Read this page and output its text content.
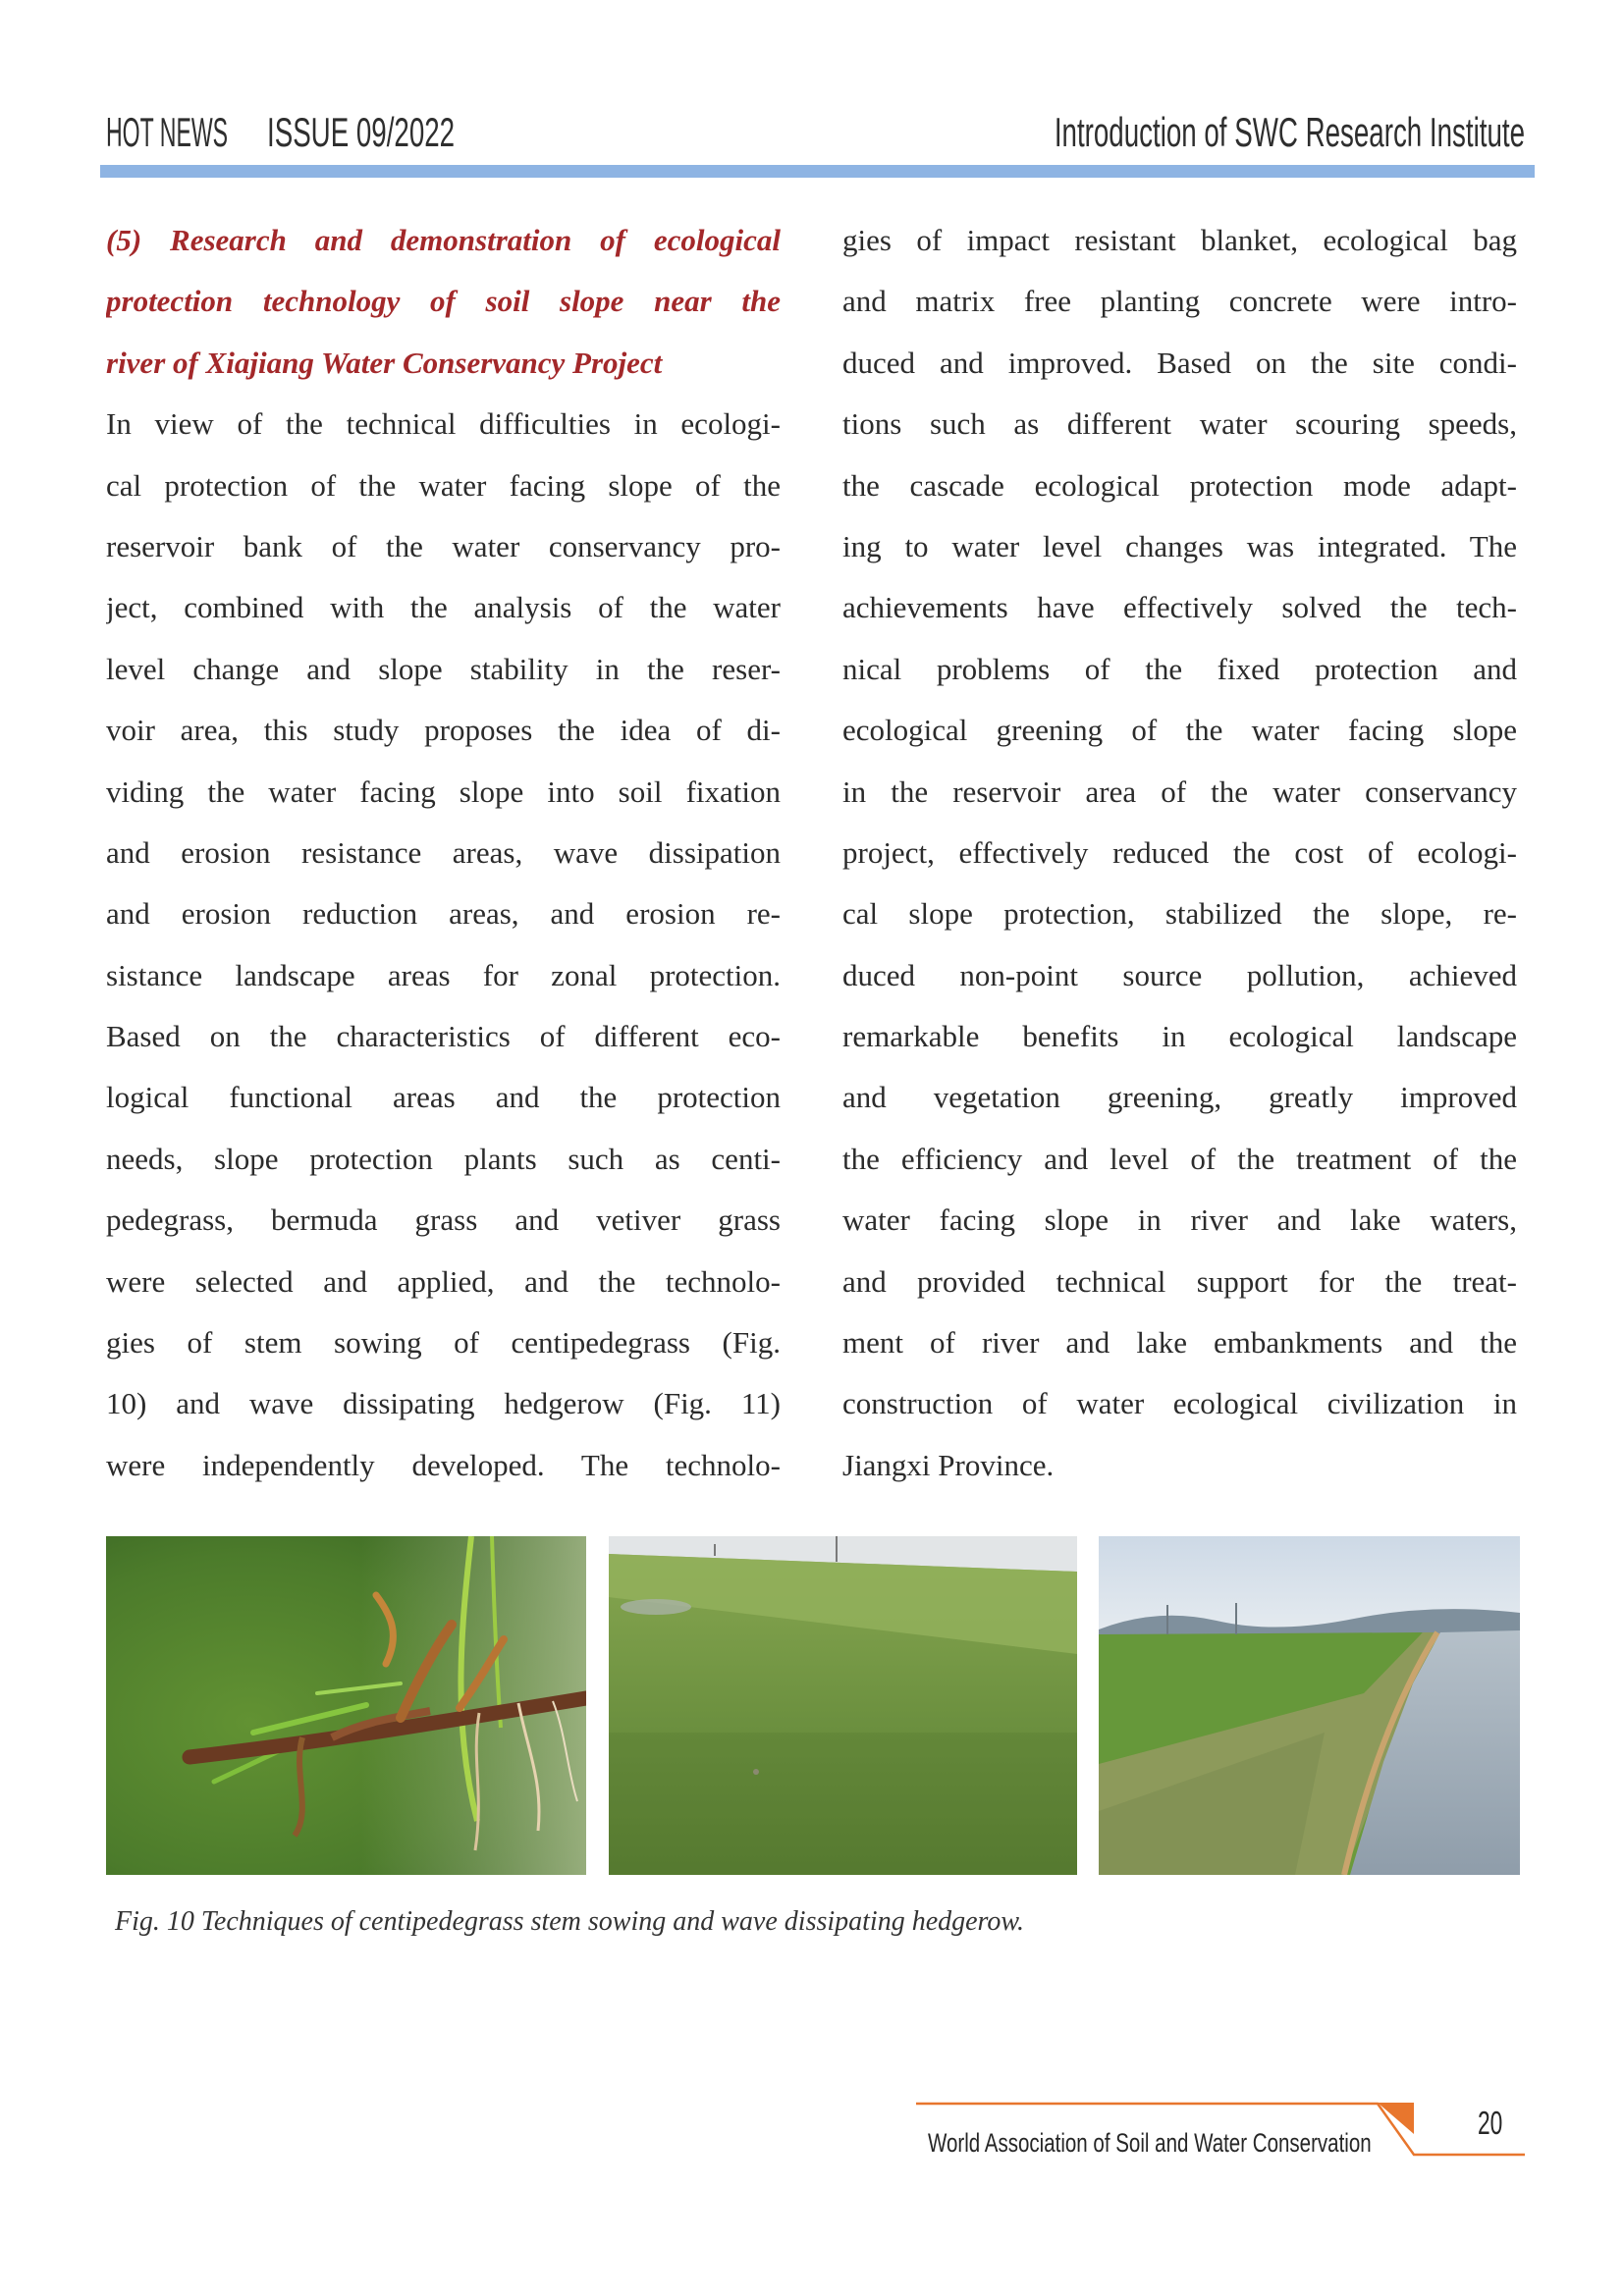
HOT NEWS ISSUE 09/2022	Introduction of SWC Research Institute
(5) Research and demonstration of ecological
protection technology of soil slope near the
river of Xiajiang Water Conservancy Project
In view of the technical difficulties in ecologi-
cal protection of the water facing slope of the
reservoir bank of the water conservancy pro-
ject, combined with the analysis of the water
level change and slope stability in the reser-
voir area, this study proposes the idea of di-
viding the water facing slope into soil fixation
and erosion resistance areas, wave dissipation
and erosion reduction areas, and erosion re-
sistance landscape areas for zonal protection.
Based on the characteristics of different eco-
logical functional areas and the protection
needs, slope protection plants such as centi-
pedegrass, bermuda grass and vetiver grass
were selected and applied, and the technolo-
gies of stem sowing of centipedegrass (Fig.
10) and wave dissipating hedgerow (Fig. 11)
were independently developed. The technolo-
gies of impact resistant blanket, ecological bag
and matrix free planting concrete were intro-
duced and improved. Based on the site condi-
tions such as different water scouring speeds,
the cascade ecological protection mode adapt-
ing to water level changes was integrated. The
achievements have effectively solved the tech-
nical problems of the fixed protection and
ecological greening of the water facing slope
in the reservoir area of the water conservancy
project, effectively reduced the cost of ecologi-
cal slope protection, stabilized the slope, re-
duced non-point source pollution, achieved
remarkable benefits in ecological landscape
and vegetation greening, greatly improved
the efficiency and level of the treatment of the
water facing slope in river and lake waters,
and provided technical support for the treat-
ment of river and lake embankments and the
construction of water ecological civilization in
Jiangxi Province.
Fig. 10 Techniques of centipedegrass stem sowing and wave dissipating hedgerow.
World Association of Soil and Water Conservation
20
